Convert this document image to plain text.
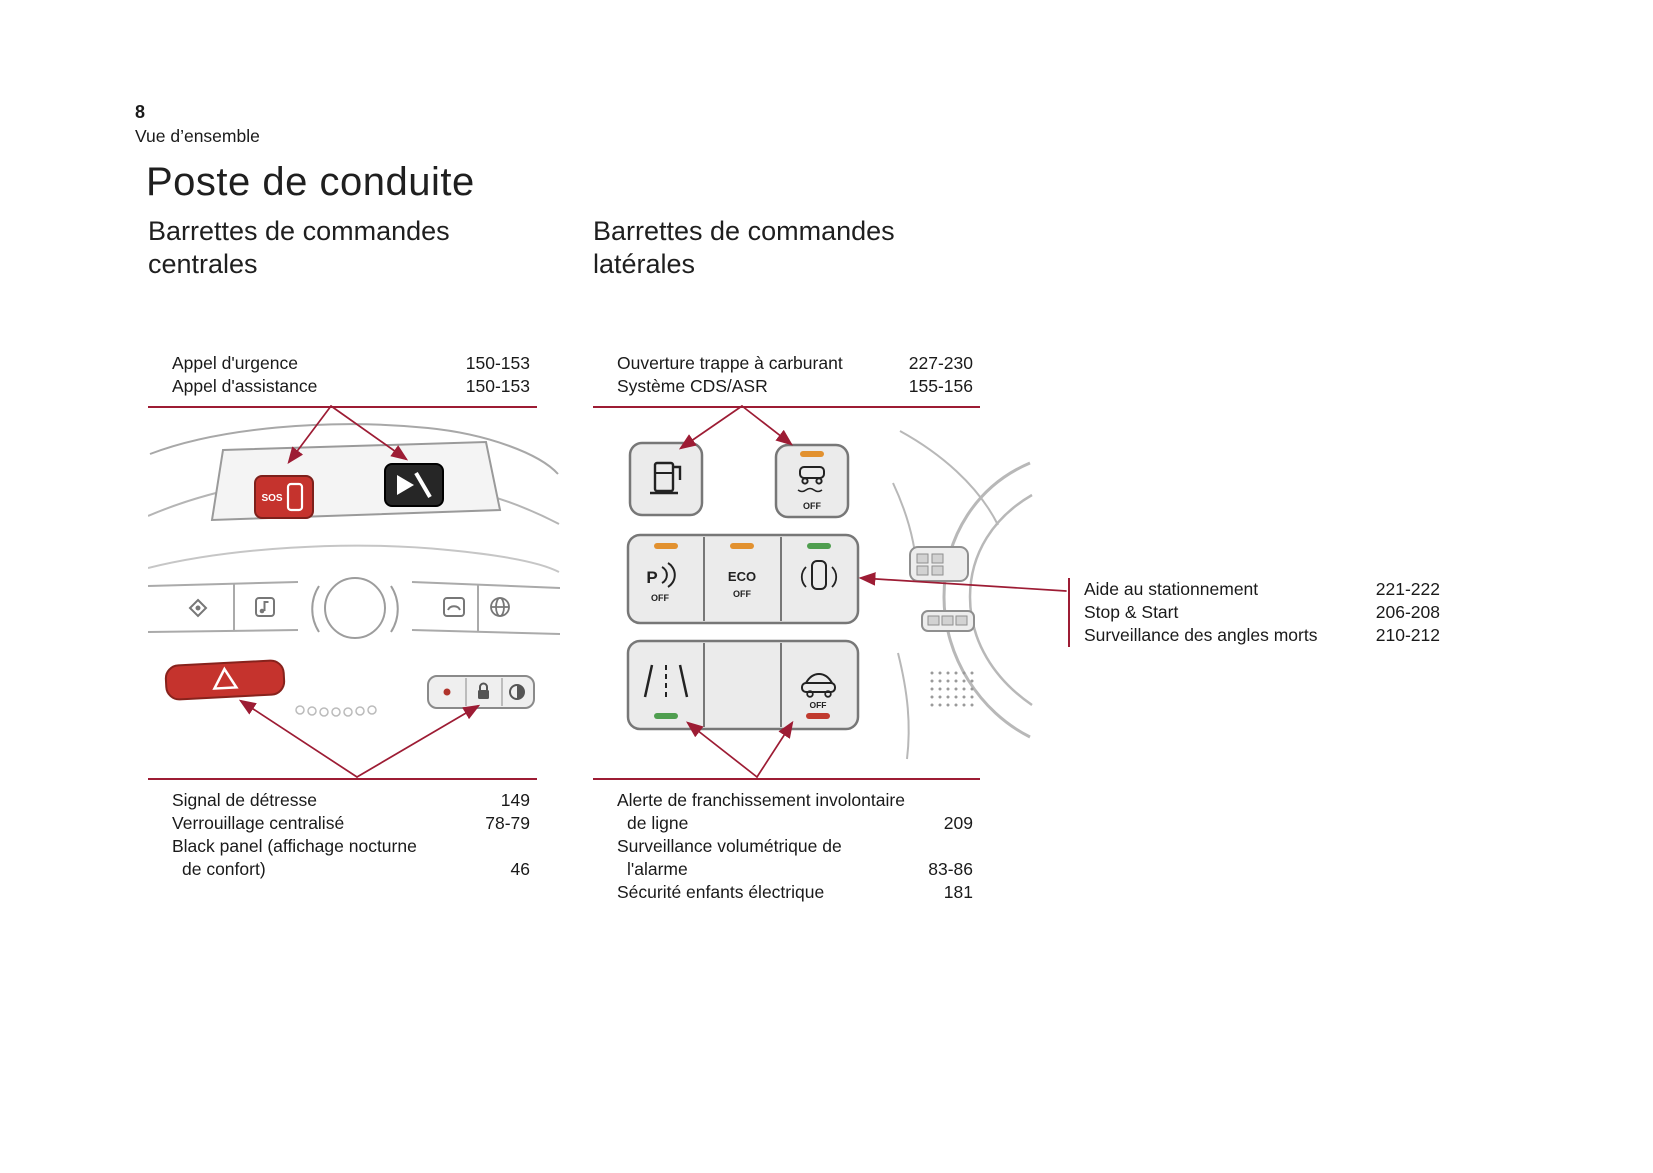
8
Vue d’ensemble
Poste de conduite
Barrettes de commandes
centrales
Barrettes de commandes
latérales
Appel d'urgence	150-153
Appel d'assistance	150-153
Signal de détresse	149
Verrouillage centralisé	78-79
Black panel (affichage nocturne
de confort)	46
Ouverture trappe à carburant	227-230
Système CDS/ASR	155-156
Alerte de franchissement involontaire
de ligne	209
Surveillance volumétrique de
l'alarme	83-86
Sécurité enfants électrique	181
Aide au stationnement	221-222
Stop & Start	206-208
Surveillance des angles morts	210-212
SOS
OFF
P
OFF
ECO
OFF
OFF
